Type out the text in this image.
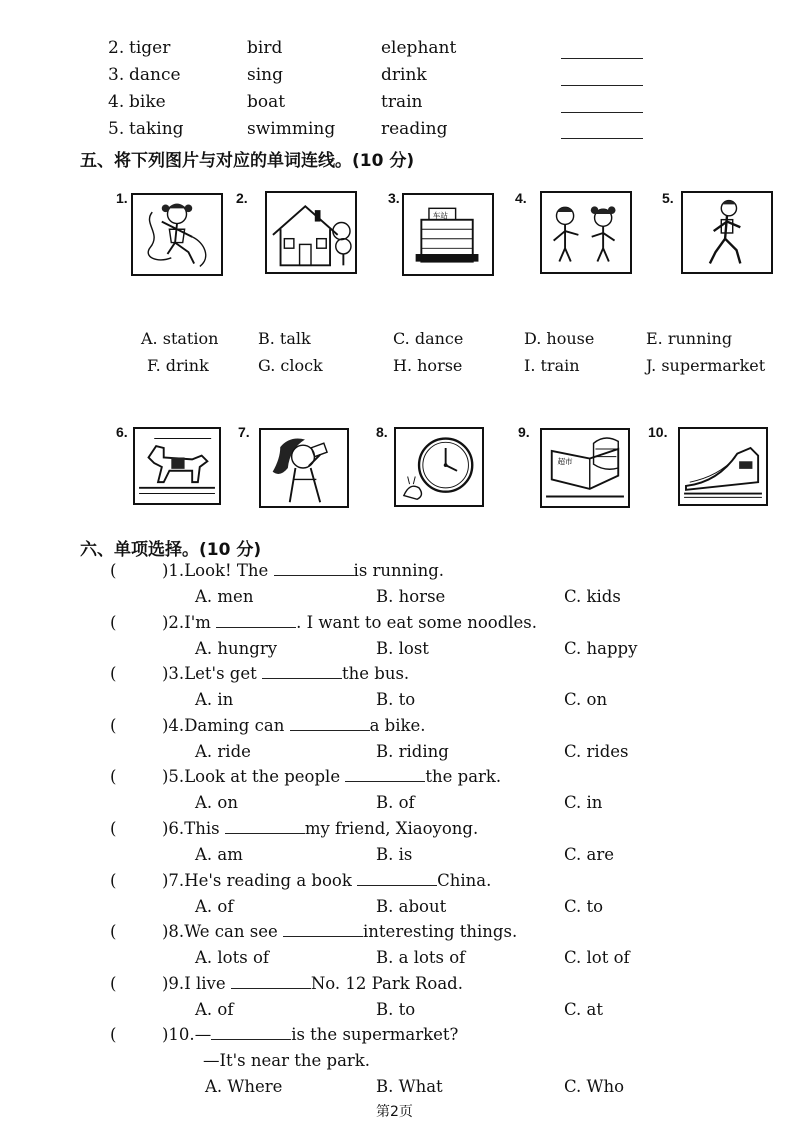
2. tiger	bird	elephant
3. dance	sing	drink
4. bike	boat	train
5. taking	swimming	reading
五、将下列图片与对应的单词连线。(10 分)
1.	2.	3.
车站
4.	5.
A. station B. talk	C. dance	D. house	E. running
F. drink	G. clock	H. horse	I. train	J. supermarket
6.	7.	8.	9.
超市
10.
六、单项选择。(10 分)
(	)1.Look! The	is running.
A. men	B. horse	C. kids
(	)2.I'm	. I want to eat some noodles.
A. hungry	B. lost	C. happy
(	)3.Let's get	the bus.
A. in	B. to	C. on
(	)4.Daming can	a bike.
A. ride	B. riding	C. rides
(	)5.Look at the people	the park.
A. on	B. of	C. in
(	)6.This	my friend, Xiaoyong.
A. am	B. is	C. are
(	)7.He's reading a book	China.
A. of	B. about	C. to
(	)8.We can see	interesting things.
A. lots of	B. a lots of	C. lot of
(	)9.I live	No. 12 Park Road.
A. of	B. to	C. at
(	)10.—	is the supermarket?
—It's near the park.
A. Where	B. What	C. Who
第2页
